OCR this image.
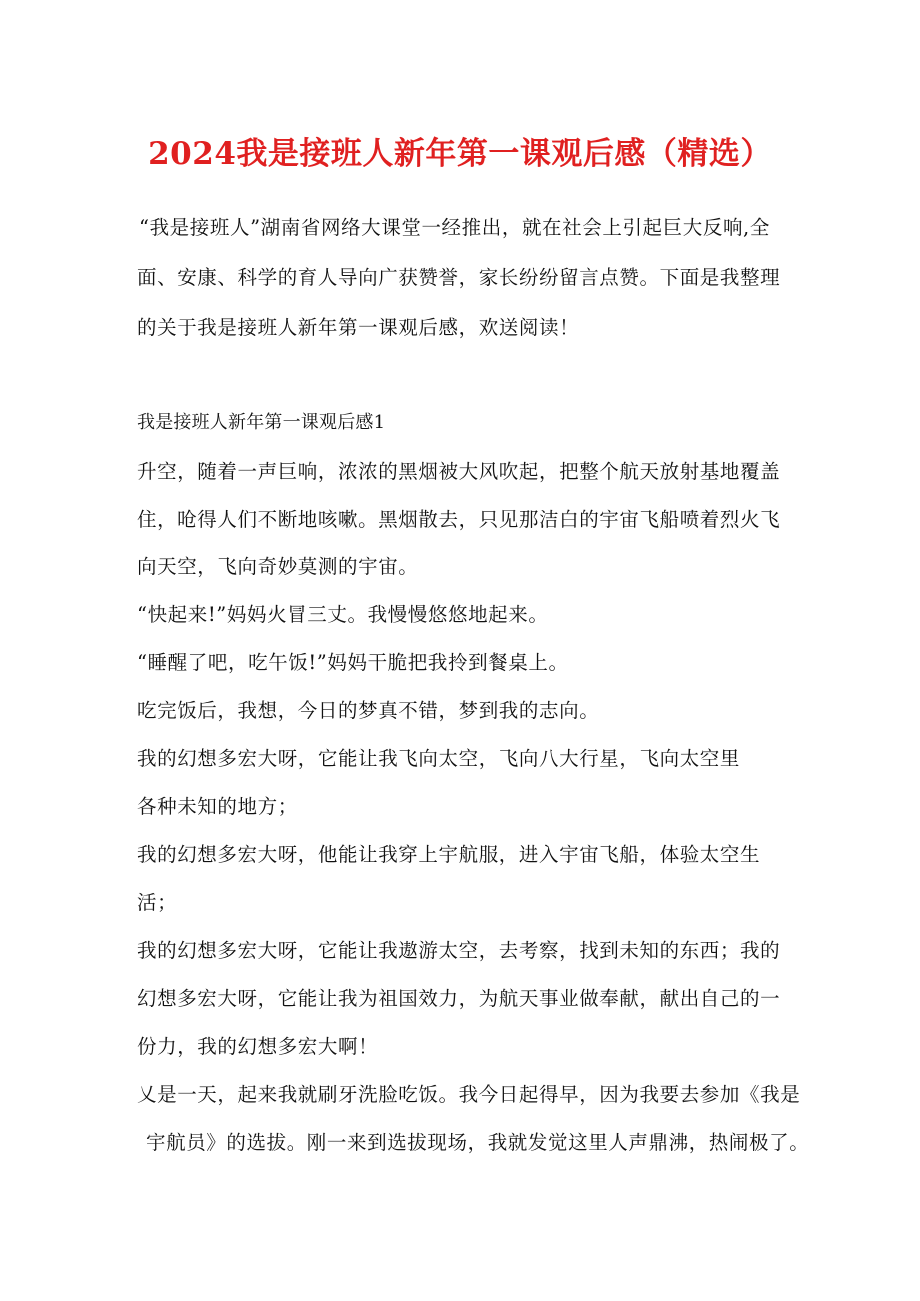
2024我是接班人新年第一课观后感（精选）
“我是接班人”湖南省网络大课堂一经推出，就在社会上引起巨大反响,全
面、安康、科学的育人导向广获赞誉，家长纷纷留言点赞。下面是我整理
的关于我是接班人新年第一课观后感，欢送阅读！
我是接班人新年第一课观后感1
升空，随着一声巨响，浓浓的黑烟被大风吹起，把整个航天放射基地覆盖
住，呛得人们不断地咳嗽。黑烟散去，只见那洁白的宇宙飞船喷着烈火飞
向天空，飞向奇妙莫测的宇宙。
“快起来!”妈妈火冒三丈。我慢慢悠悠地起来。
“睡醒了吧，吃午饭!”妈妈干脆把我拎到餐桌上。
吃完饭后，我想，今日的梦真不错，梦到我的志向。
我的幻想多宏大呀，它能让我飞向太空，飞向八大行星，飞向太空里
各种未知的地方；
我的幻想多宏大呀，他能让我穿上宇航服，进入宇宙飞船，体验太空生
活；
我的幻想多宏大呀，它能让我遨游太空，去考察，找到未知的东西；我的
幻想多宏大呀，它能让我为祖国效力，为航天事业做奉献，献出自己的一
份力，我的幻想多宏大啊！
乂是一天，起来我就刷牙洗脸吃饭。我今日起得早，因为我要去参加《我是
宇航员》的选拔。刚一来到选拔现场，我就发觉这里人声鼎沸，热闹极了。
